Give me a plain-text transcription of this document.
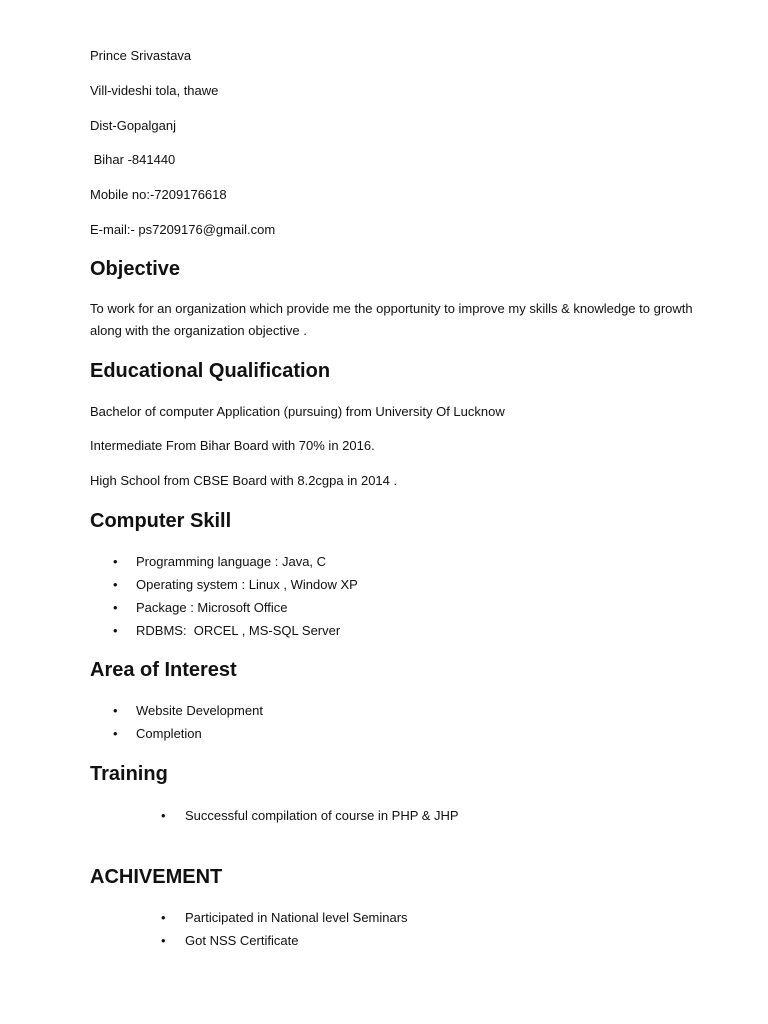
Prince Srivastava
Vill-videshi tola, thawe
Dist-Gopalganj
Bihar -841440
Mobile no:-7209176618
E-mail:- ps7209176@gmail.com
Objective
To work for an organization which provide me the opportunity to improve my skills & knowledge to growth along with the organization objective .
Educational Qualification
Bachelor of computer Application (pursuing) from University Of Lucknow
Intermediate From Bihar Board with 70% in 2016.
High School from CBSE Board with 8.2cgpa in 2014 .
Computer Skill
• Programming language : Java, C
• Operating system : Linux , Window XP
• Package : Microsoft Office
• RDBMS:  ORCEL , MS-SQL Server
Area of Interest
• Website Development
• Completion
Training
• Successful compilation of course in PHP & JHP
ACHIVEMENT
• Participated in National level Seminars
• Got NSS Certificate
